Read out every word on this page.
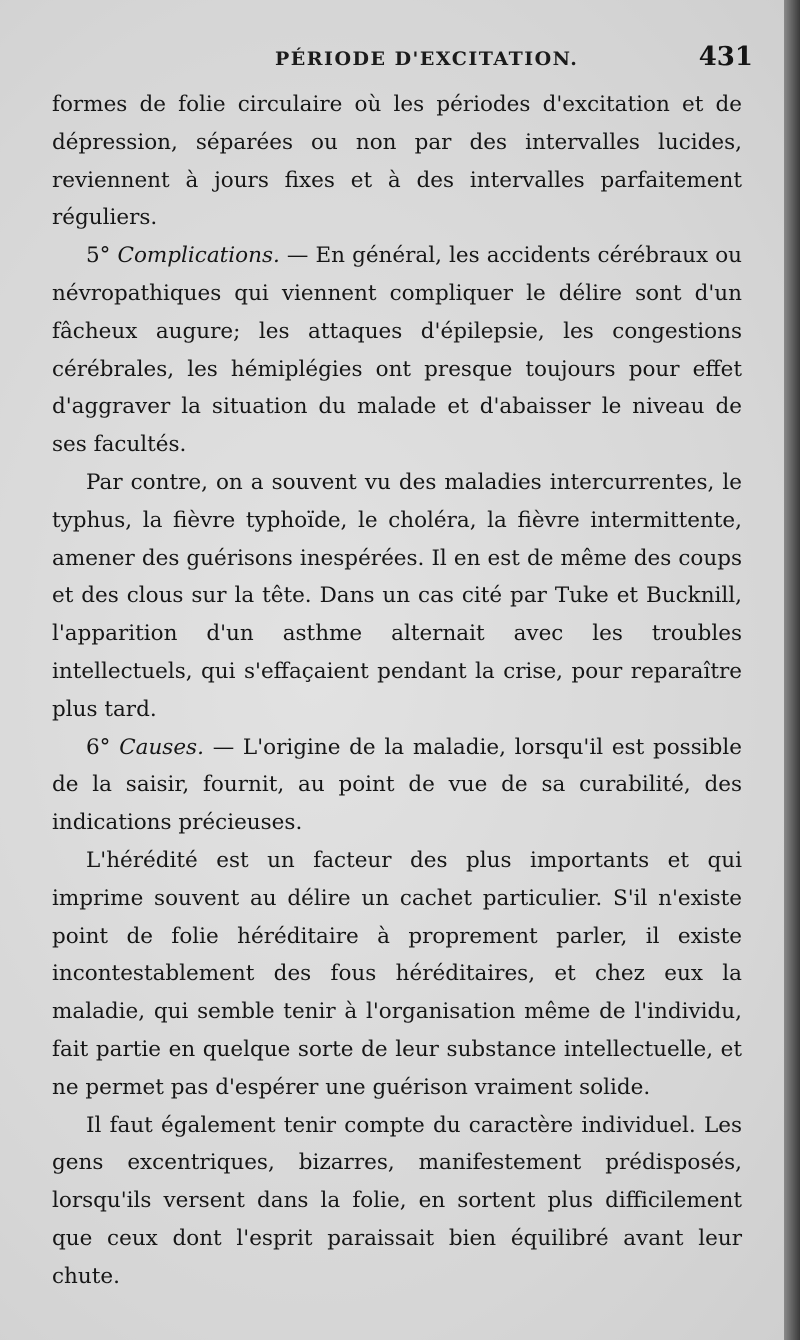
PÉRIODE D'EXCITATION.	431

formes de folie circulaire où les périodes d'excitation et de dépression, séparées ou non par des intervalles lucides, reviennent à jours fixes et à des intervalles parfaitement réguliers.

5° Complications. — En général, les accidents cérébraux ou névropathiques qui viennent compliquer le délire sont d'un fâcheux augure; les attaques d'épilepsie, les congestions cérébrales, les hémiplégies ont presque toujours pour effet d'aggraver la situation du malade et d'abaisser le niveau de ses facultés.

Par contre, on a souvent vu des maladies intercurrentes, le typhus, la fièvre typhoïde, le choléra, la fièvre intermittente, amener des guérisons inespérées. Il en est de même des coups et des clous sur la tête. Dans un cas cité par Tuke et Bucknill, l'apparition d'un asthme alternait avec les troubles intellectuels, qui s'effaçaient pendant la crise, pour reparaître plus tard.

6° Causes. — L'origine de la maladie, lorsqu'il est possible de la saisir, fournit, au point de vue de sa curabilité, des indications précieuses.

L'hérédité est un facteur des plus importants et qui imprime souvent au délire un cachet particulier. S'il n'existe point de folie héréditaire à proprement parler, il existe incontestablement des fous héréditaires, et chez eux la maladie, qui semble tenir à l'organisation même de l'individu, fait partie en quelque sorte de leur substance intellectuelle, et ne permet pas d'espérer une guérison vraiment solide.

Il faut également tenir compte du caractère individuel. Les gens excentriques, bizarres, manifestement prédisposés, lorsqu'ils versent dans la folie, en sortent plus difficilement que ceux dont l'esprit paraissait bien équilibré avant leur chute.
